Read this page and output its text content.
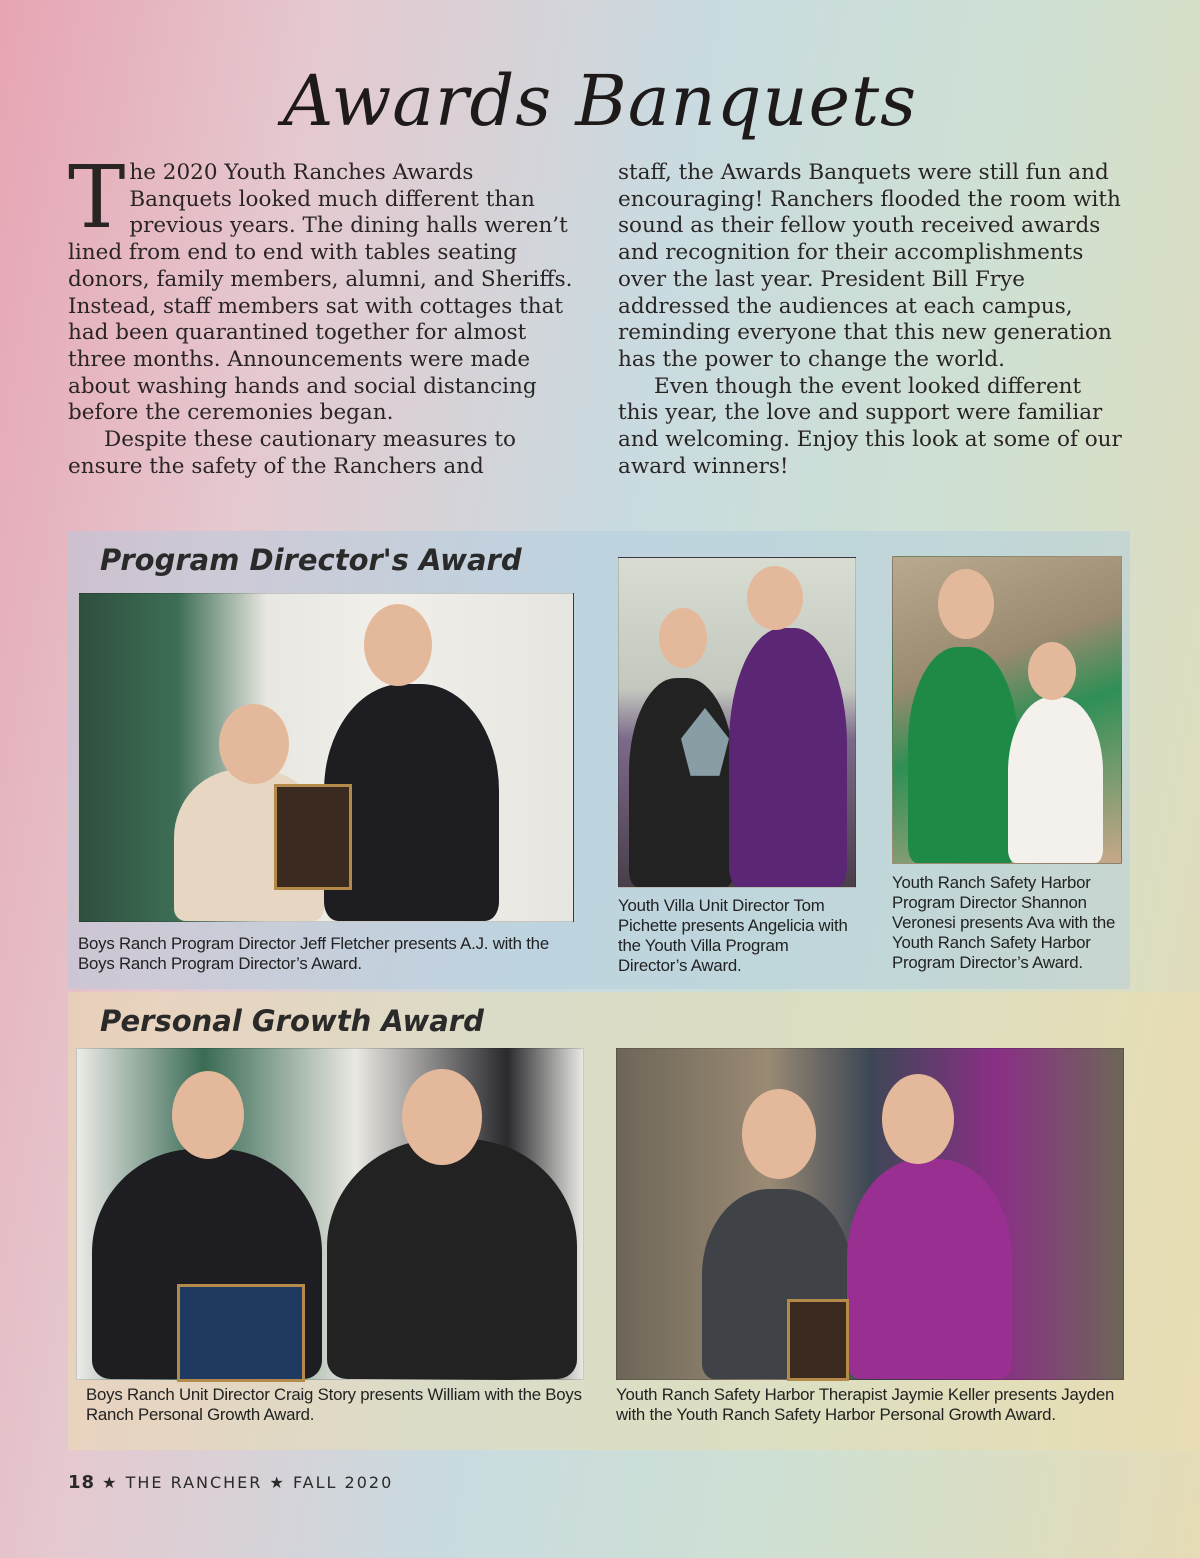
Awards Banquets

The 2020 Youth Ranches Awards Banquets looked much different than previous years. The dining halls weren’t lined from end to end with tables seating donors, family members, alumni, and Sheriffs. Instead, staff members sat with cottages that had been quarantined together for almost three months. Announcements were made about washing hands and social distancing before the ceremonies began.

Despite these cautionary measures to ensure the safety of the Ranchers and

staff, the Awards Banquets were still fun and encouraging! Ranchers flooded the room with sound as their fellow youth received awards and recognition for their accomplishments over the last year. President Bill Frye addressed the audiences at each campus, reminding everyone that this new generation has the power to change the world.

Even though the event looked different this year, the love and support were familiar and welcoming. Enjoy this look at some of our award winners!

Program Director's Award
Boys Ranch Program Director Jeff Fletcher presents A.J. with the Boys Ranch Program Director’s Award.
Youth Villa Unit Director Tom Pichette presents Angelicia with the Youth Villa Program Director’s Award.
Youth Ranch Safety Harbor Program Director Shannon Veronesi presents Ava with the Youth Ranch Safety Harbor Program Director’s Award.
Personal Growth Award
Boys Ranch Unit Director Craig Story presents William with the Boys Ranch Personal Growth Award.
Youth Ranch Safety Harbor Therapist Jaymie Keller presents Jayden with the Youth Ranch Safety Harbor Personal Growth Award.
18 ★ THE RANCHER ★ FALL 2020
